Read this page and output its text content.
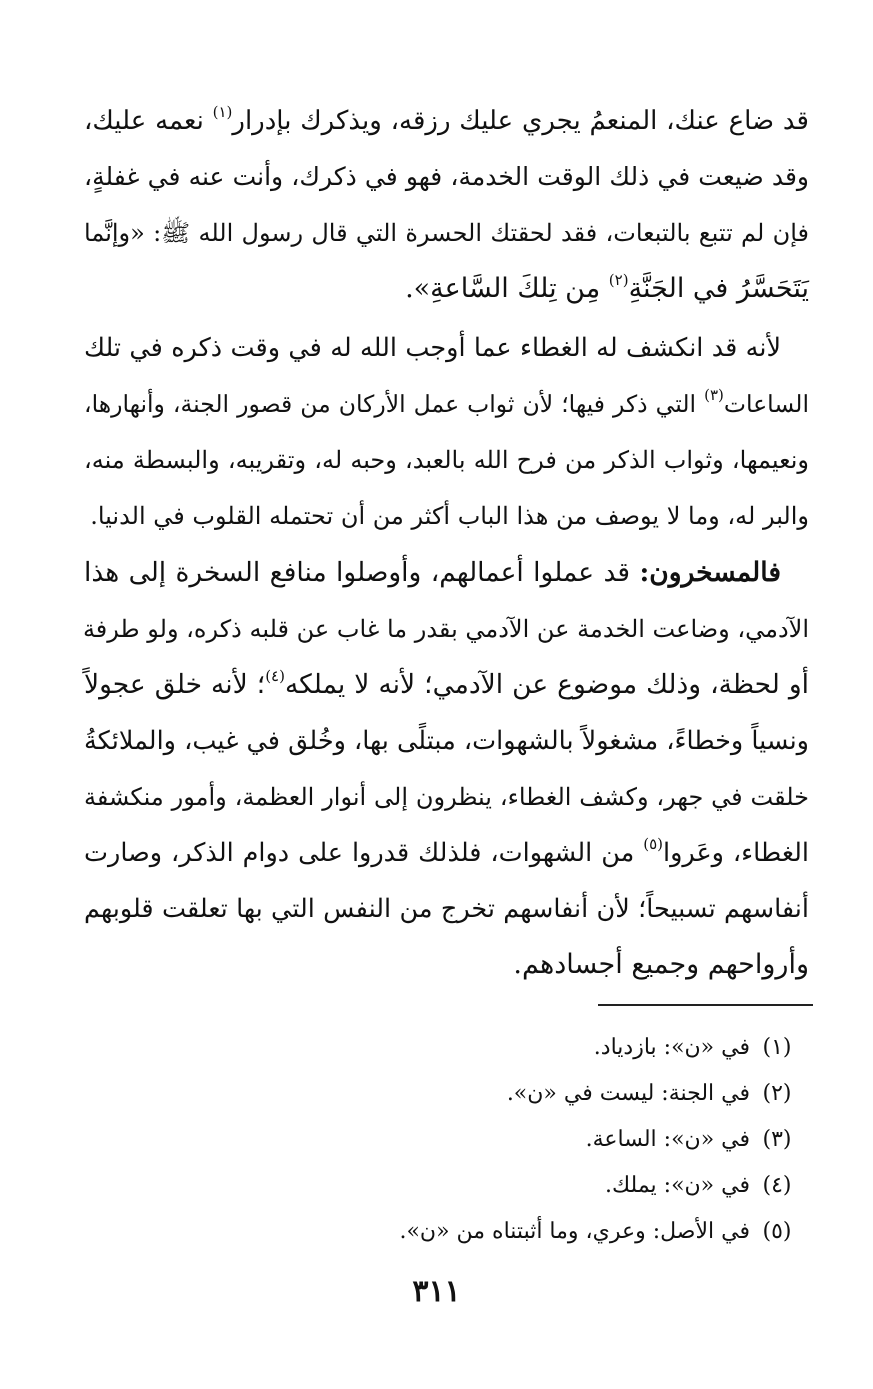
قد ضاع عنك، المنعمُ يجري عليك رزقه، ويذكرك بإدرار$^{(١)}$ نعمه عليك،
وقد ضيعت في ذلك الوقت الخدمة، فهو في ذكرك، وأنت عنه في غفلةٍ،
فإن لم تتبع بالتبعات، فقد لحقتك الحسرة التي قال رسول الله ﷺ: «وإنَّما
يَتَحَسَّرُ في الجَنَّةِ$^{(٢)}$ مِن تِلكَ السَّاعةِ».
لأنه قد انكشف له الغطاء عما أوجب الله له في وقت ذكره في تلك
الساعات$^{(٣)}$ التي ذكر فيها؛ لأن ثواب عمل الأركان من قصور الجنة، وأنهارها،
ونعيمها، وثواب الذكر من فرح الله بالعبد، وحبه له، وتقريبه، والبسطة منه،
والبر له، وما لا يوصف من هذا الباب أكثر من أن تحتمله القلوب في الدنيا.
فالمسخرون: قد عملوا أعمالهم، وأوصلوا منافع السخرة إلى هذا
الآدمي، وضاعت الخدمة عن الآدمي بقدر ما غاب عن قلبه ذكره، ولو طرفة
أو لحظة، وذلك موضوع عن الآدمي؛ لأنه لا يملكه$^{(٤)}$؛ لأنه خلق عجولاً
ونسياً وخطاءً، مشغولاً بالشهوات، مبتلًى بها، وخُلق في غيب، والملائكةُ
خلقت في جهر، وكشف الغطاء، ينظرون إلى أنوار العظمة، وأمور منكشفة
الغطاء، وعَروا$^{(٥)}$ من الشهوات، فلذلك قدروا على دوام الذكر، وصارت
أنفاسهم تسبيحاً؛ لأن أنفاسهم تخرج من النفس التي بها تعلقت قلوبهم
وأرواحهم وجميع أجسادهم.
(١)في «ن»: بازدياد.
(٢)في الجنة: ليست في «ن».
(٣)في «ن»: الساعة.
(٤)في «ن»: يملك.
(٥)في الأصل: وعري، وما أثبتناه من «ن».
٣١١
